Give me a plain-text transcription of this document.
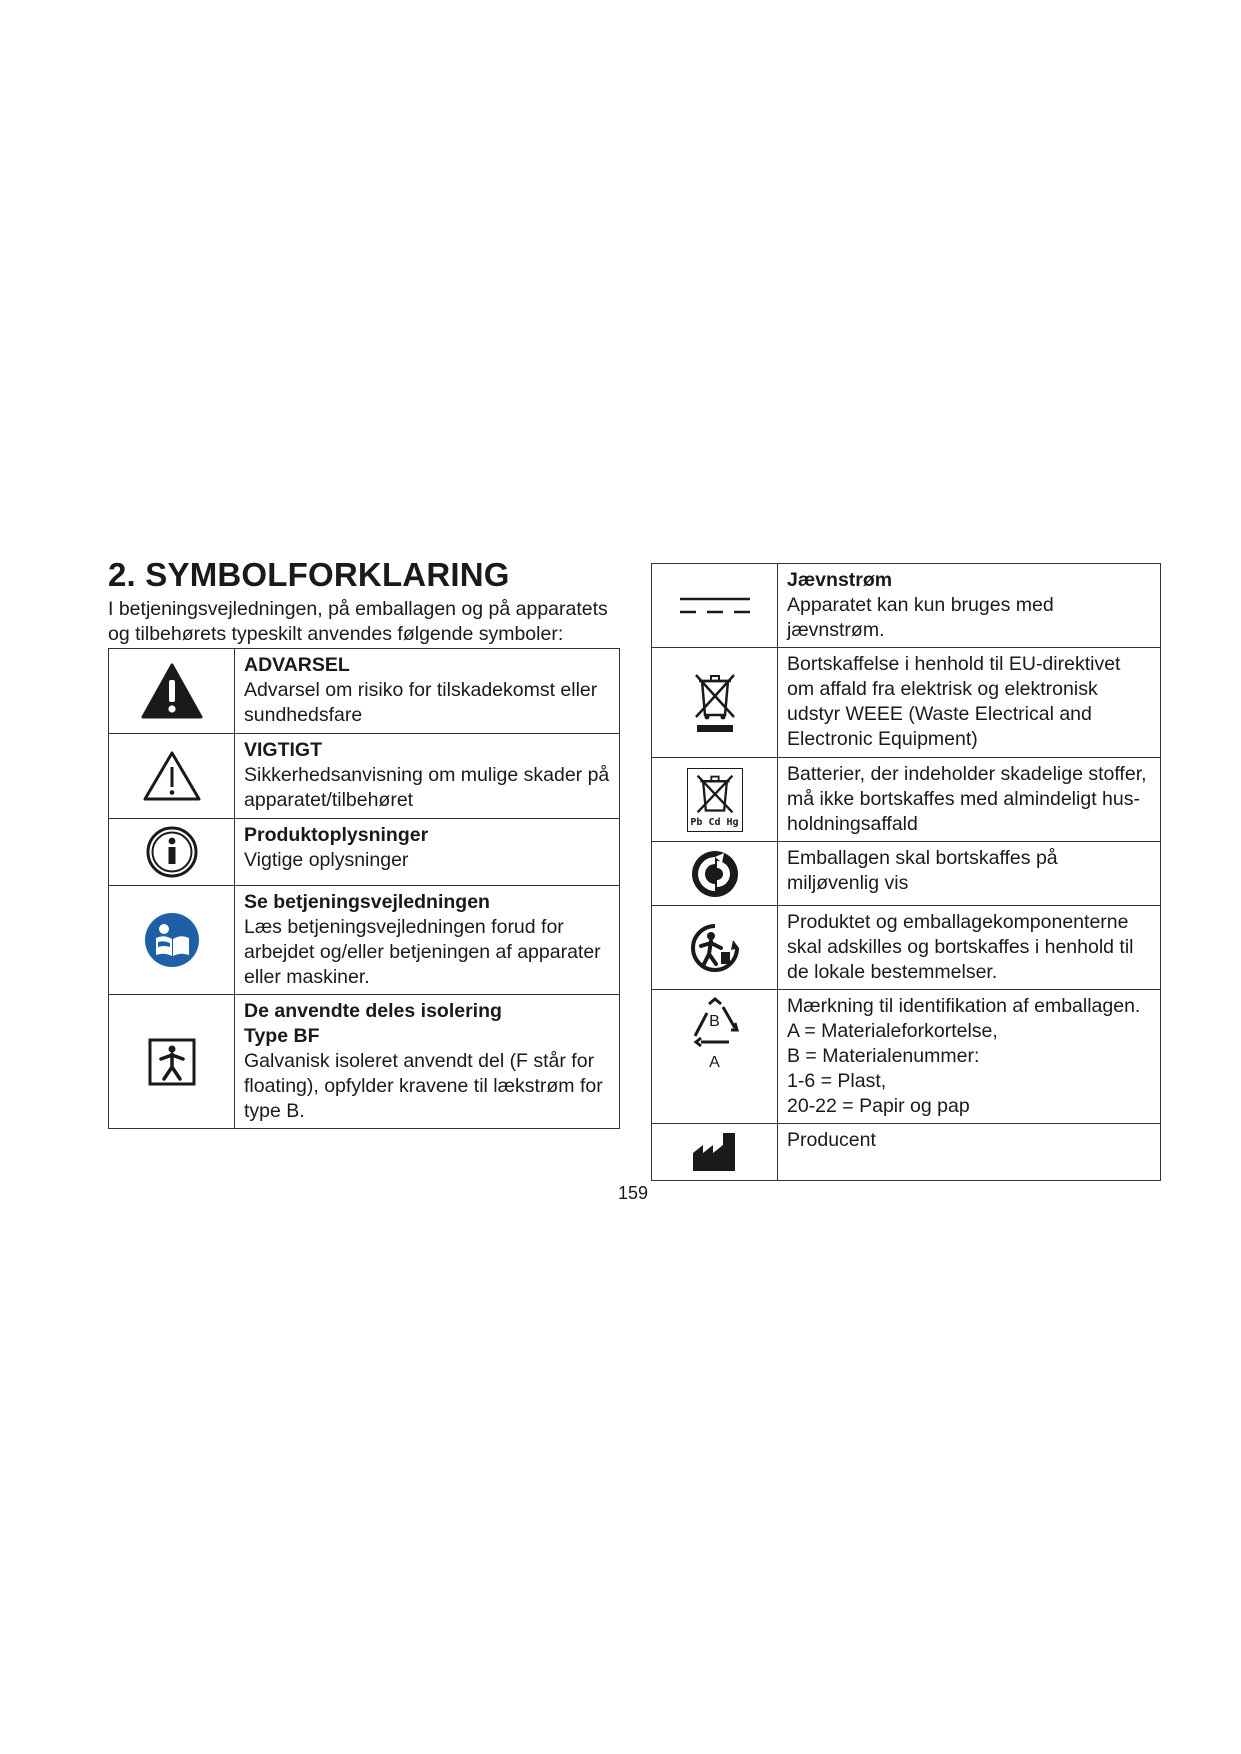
2. SYMBOLFORKLARING

I betjeningsvejledningen, på emballagen og på apparatets og tilbehørets typeskilt anvendes følgende symboler:

ADVARSEL
Advarsel om risiko for tilskadekomst eller sundhedsfare

VIGTIGT
Sikkerhedsanvisning om mulige skader på apparatet/tilbehøret

Produktoplysninger
Vigtige oplysninger

Se betjeningsvejledningen
Læs betjeningsvejledningen forud for arbejdet og/eller betjeningen af apparater eller maskiner.

De anvendte deles isolering
Type BF
Galvanisk isoleret anvendt del (F står for floating), opfylder kravene til lækstrøm for type B.

Jævnstrøm
Apparatet kan kun bruges med jævnstrøm.

Bortskaffelse i henhold til EU-direktivet om affald fra elektrisk og elektronisk udstyr WEEE (Waste Electrical and Electronic Equipment)

Pb Cd Hg	Batterier, der indeholder skadelige stoffer, må ikke bortskaffes med almindeligt hus-holdningsaffald

Emballagen skal bortskaffes på miljøvenlig vis

Produktet og emballagekomponenterne skal adskilles og bortskaffes i henhold til de lokale bestemmelser.

B
A	Mærkning til identifikation af emballagen.
A = Materialeforkortelse,
B = Materialenummer:
1-6 = Plast,
20-22 = Papir og pap

Producent
159
